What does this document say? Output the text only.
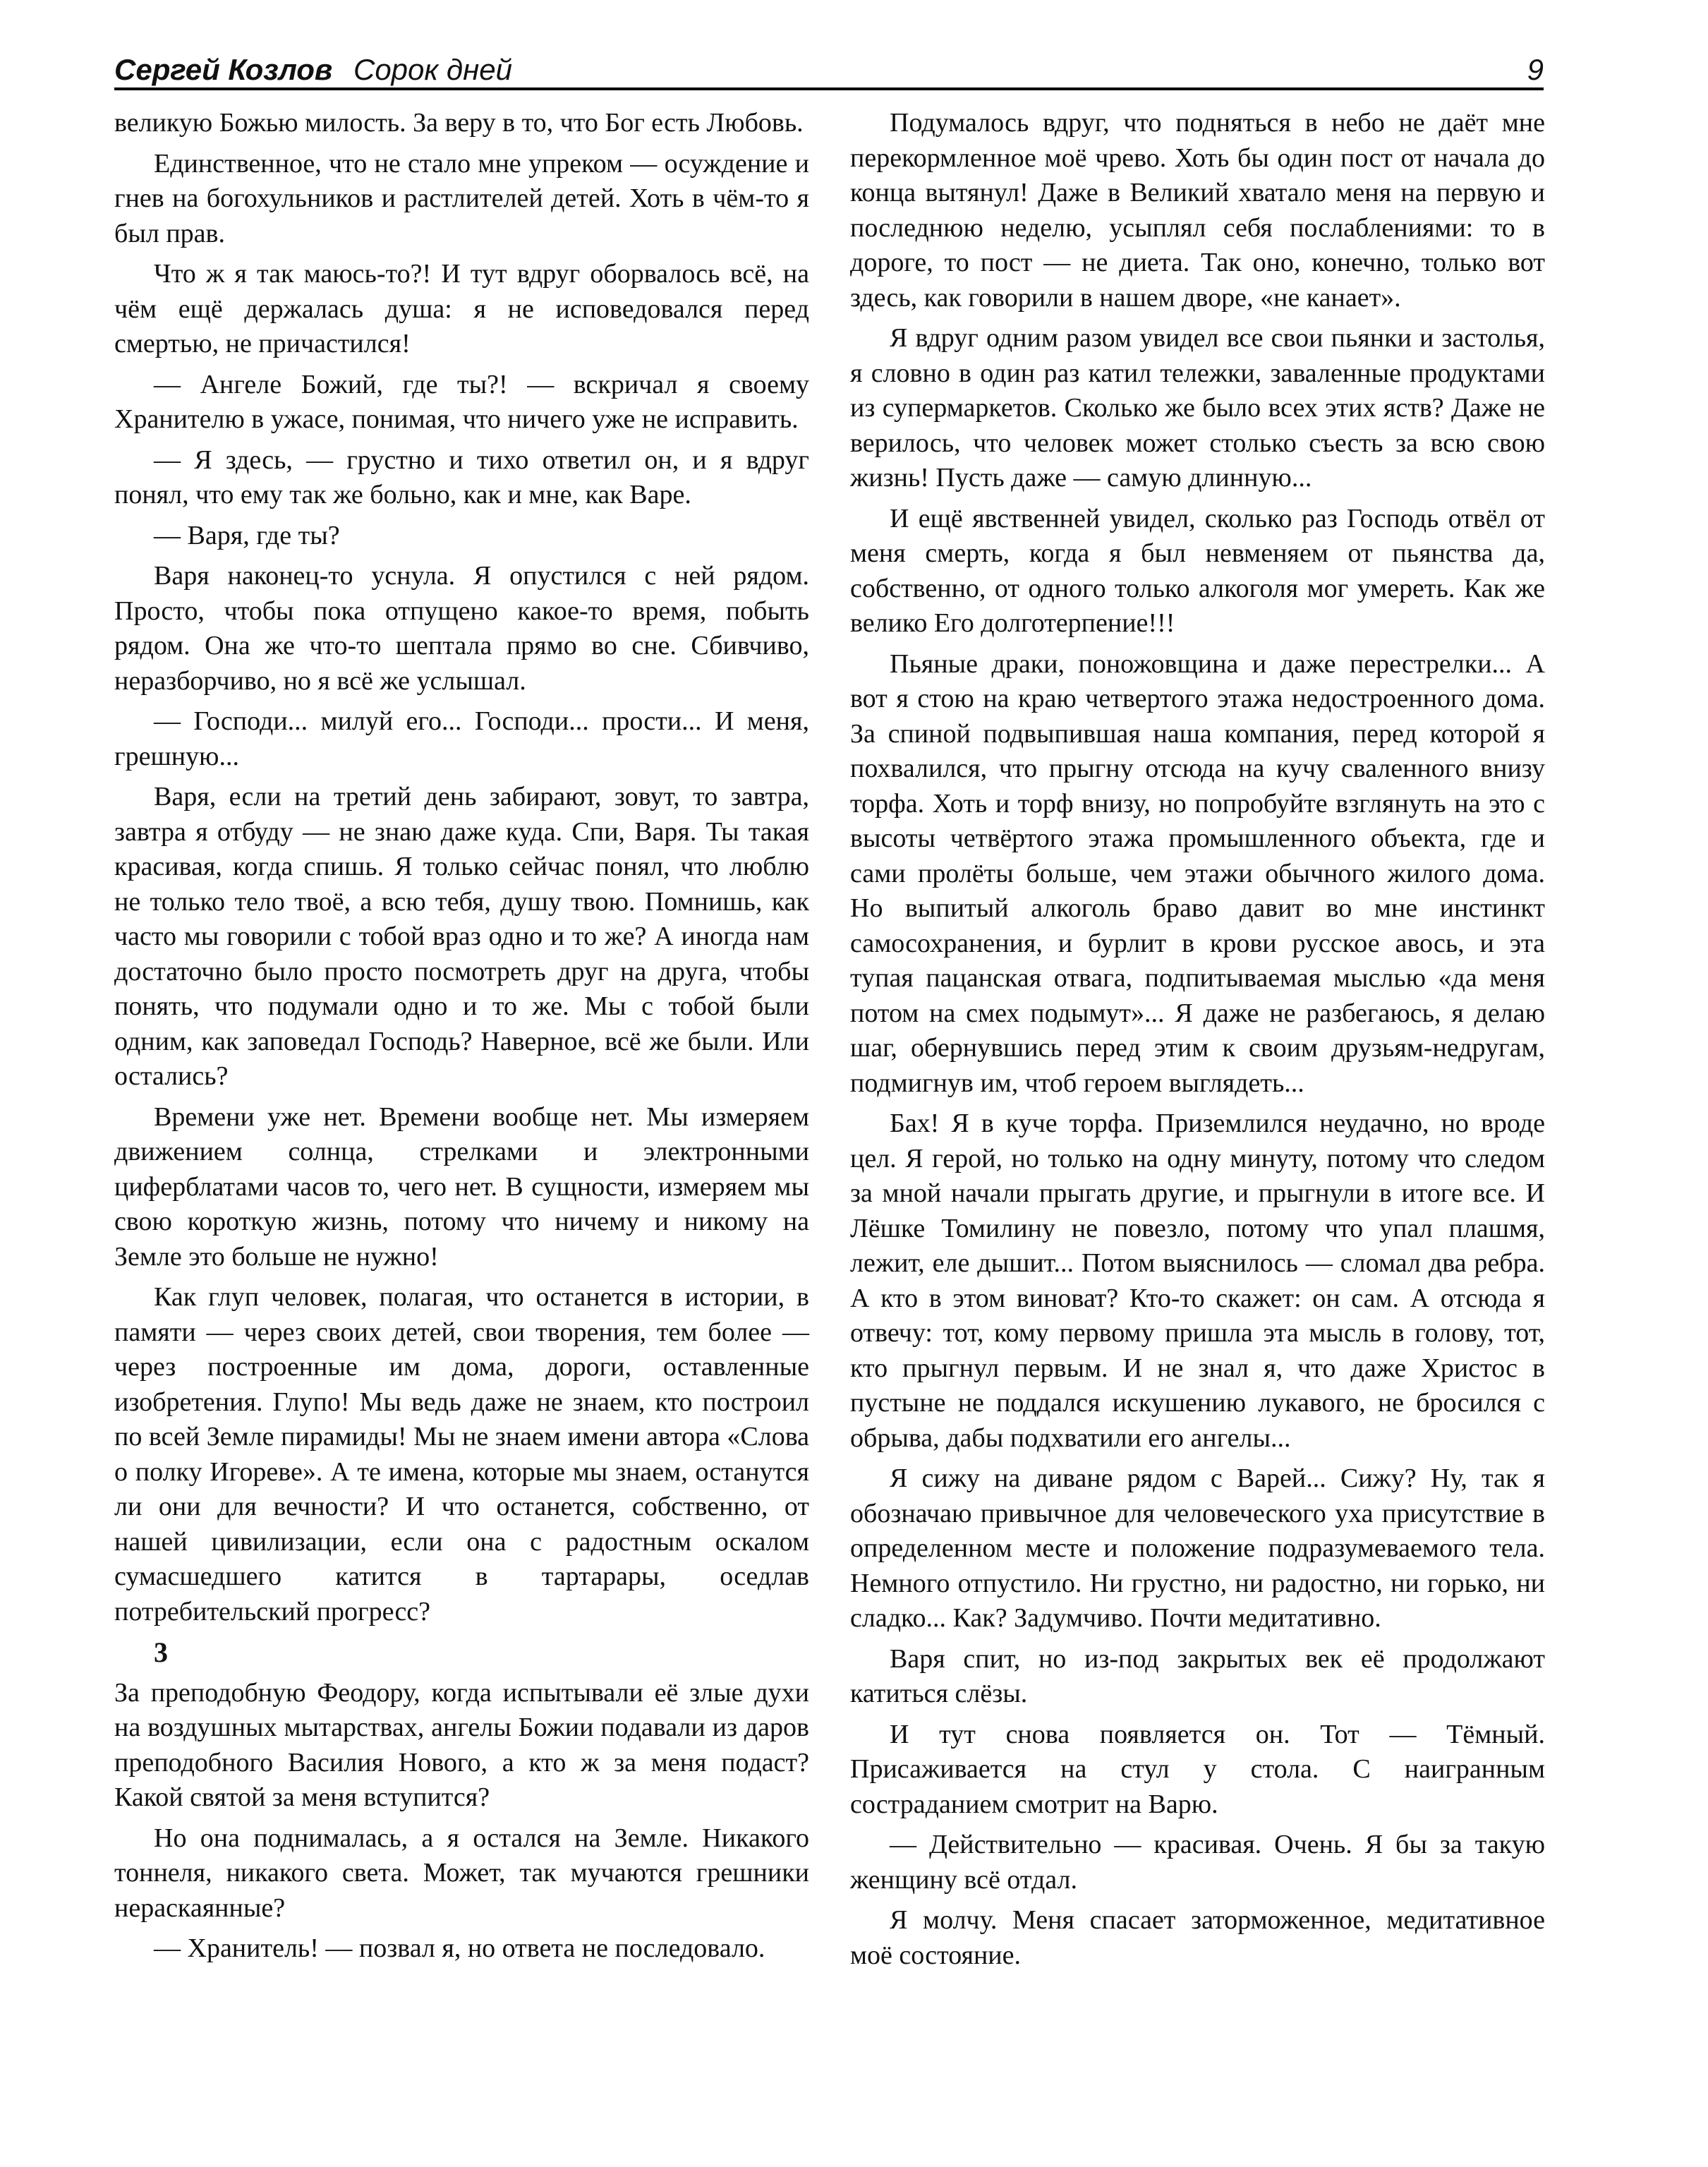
Сергей Козлов Сорок дней	9

великую Божью милость. За веру в то, что Бог есть Любовь.

Единственное, что не стало мне упреком — осуждение и гнев на богохульников и растлителей детей. Хоть в чём-то я был прав.

Что ж я так маюсь-то?! И тут вдруг оборвалось всё, на чём ещё держалась душа: я не исповедовался перед смертью, не причастился!

— Ангеле Божий, где ты?! — вскричал я своему Хранителю в ужасе, понимая, что ничего уже не исправить.

— Я здесь, — грустно и тихо ответил он, и я вдруг понял, что ему так же больно, как и мне, как Варе.

— Варя, где ты?

Варя наконец-то уснула. Я опустился с ней рядом. Просто, чтобы пока отпущено какое-то время, побыть рядом. Она же что-то шептала прямо во сне. Сбивчиво, неразборчиво, но я всё же услышал.

— Господи... милуй его... Господи... прости... И меня, грешную...

Варя, если на третий день забирают, зовут, то завтра, завтра я отбуду — не знаю даже куда. Спи, Варя. Ты такая красивая, когда спишь. Я только сейчас понял, что люблю не только тело твоё, а всю тебя, душу твою. Помнишь, как часто мы говорили с тобой враз одно и то же? А иногда нам достаточно было просто посмотреть друг на друга, чтобы понять, что подумали одно и то же. Мы с тобой были одним, как заповедал Господь? Наверное, всё же были. Или остались?

Времени уже нет. Времени вообще нет. Мы измеряем движением солнца, стрелками и электронными циферблатами часов то, чего нет. В сущности, измеряем мы свою короткую жизнь, потому что ничему и никому на Земле это больше не нужно!

Как глуп человек, полагая, что останется в истории, в памяти — через своих детей, свои творения, тем более — через построенные им дома, дороги, оставленные изобретения. Глупо! Мы ведь даже не знаем, кто построил по всей Земле пирамиды! Мы не знаем имени автора «Слова о полку Игореве». А те имена, которые мы знаем, останутся ли они для вечности? И что останется, собственно, от нашей цивилизации, если она с радостным оскалом сумасшедшего катится в тартарары, оседлав потребительский прогресс?

3

За преподобную Феодору, когда испытывали её злые духи на воздушных мытарствах, ангелы Божии подавали из даров преподобного Василия Нового, а кто ж за меня подаст? Какой святой за меня вступится?

Но она поднималась, а я остался на Земле. Никакого тоннеля, никакого света. Может, так мучаются грешники нераскаянные?

— Хранитель! — позвал я, но ответа не последовало.

Подумалось вдруг, что подняться в небо не даёт мне перекормленное моё чрево. Хоть бы один пост от начала до конца вытянул! Даже в Великий хватало меня на первую и последнюю неделю, усыплял себя послаблениями: то в дороге, то пост — не диета. Так оно, конечно, только вот здесь, как говорили в нашем дворе, «не канает».

Я вдруг одним разом увидел все свои пьянки и застолья, я словно в один раз катил тележки, заваленные продуктами из супермаркетов. Сколько же было всех этих яств? Даже не верилось, что человек может столько съесть за всю свою жизнь! Пусть даже — самую длинную...

И ещё явственней увидел, сколько раз Господь отвёл от меня смерть, когда я был невменяем от пьянства да, собственно, от одного только алкоголя мог умереть. Как же велико Его долготерпение!!!

Пьяные драки, поножовщина и даже перестрелки... А вот я стою на краю четвертого этажа недостроенного дома. За спиной подвыпившая наша компания, перед которой я похвалился, что прыгну отсюда на кучу сваленного внизу торфа. Хоть и торф внизу, но попробуйте взглянуть на это с высоты четвёртого этажа промышленного объекта, где и сами пролёты больше, чем этажи обычного жилого дома. Но выпитый алкоголь браво давит во мне инстинкт самосохранения, и бурлит в крови русское авось, и эта тупая пацанская отвага, подпитываемая мыслью «да меня потом на смех подымут»... Я даже не разбегаюсь, я делаю шаг, обернувшись перед этим к своим друзьям-недругам, подмигнув им, чтоб героем выглядеть...

Бах! Я в куче торфа. Приземлился неудачно, но вроде цел. Я герой, но только на одну минуту, потому что следом за мной начали прыгать другие, и прыгнули в итоге все. И Лёшке Томилину не повезло, потому что упал плашмя, лежит, еле дышит... Потом выяснилось — сломал два ребра. А кто в этом виноват? Кто-то скажет: он сам. А отсюда я отвечу: тот, кому первому пришла эта мысль в голову, тот, кто прыгнул первым. И не знал я, что даже Христос в пустыне не поддался искушению лукавого, не бросился с обрыва, дабы подхватили его ангелы...

Я сижу на диване рядом с Варей... Сижу? Ну, так я обозначаю привычное для человеческого уха присутствие в определенном месте и положение подразумеваемого тела. Немного отпустило. Ни грустно, ни радостно, ни горько, ни сладко... Как? Задумчиво. Почти медитативно.

Варя спит, но из-под закрытых век её продолжают катиться слёзы.

И тут снова появляется он. Тот — Тёмный. Присаживается на стул у стола. С наигранным состраданием смотрит на Варю.

— Действительно — красивая. Очень. Я бы за такую женщину всё отдал.

Я молчу. Меня спасает заторможенное, медитативное моё состояние.
